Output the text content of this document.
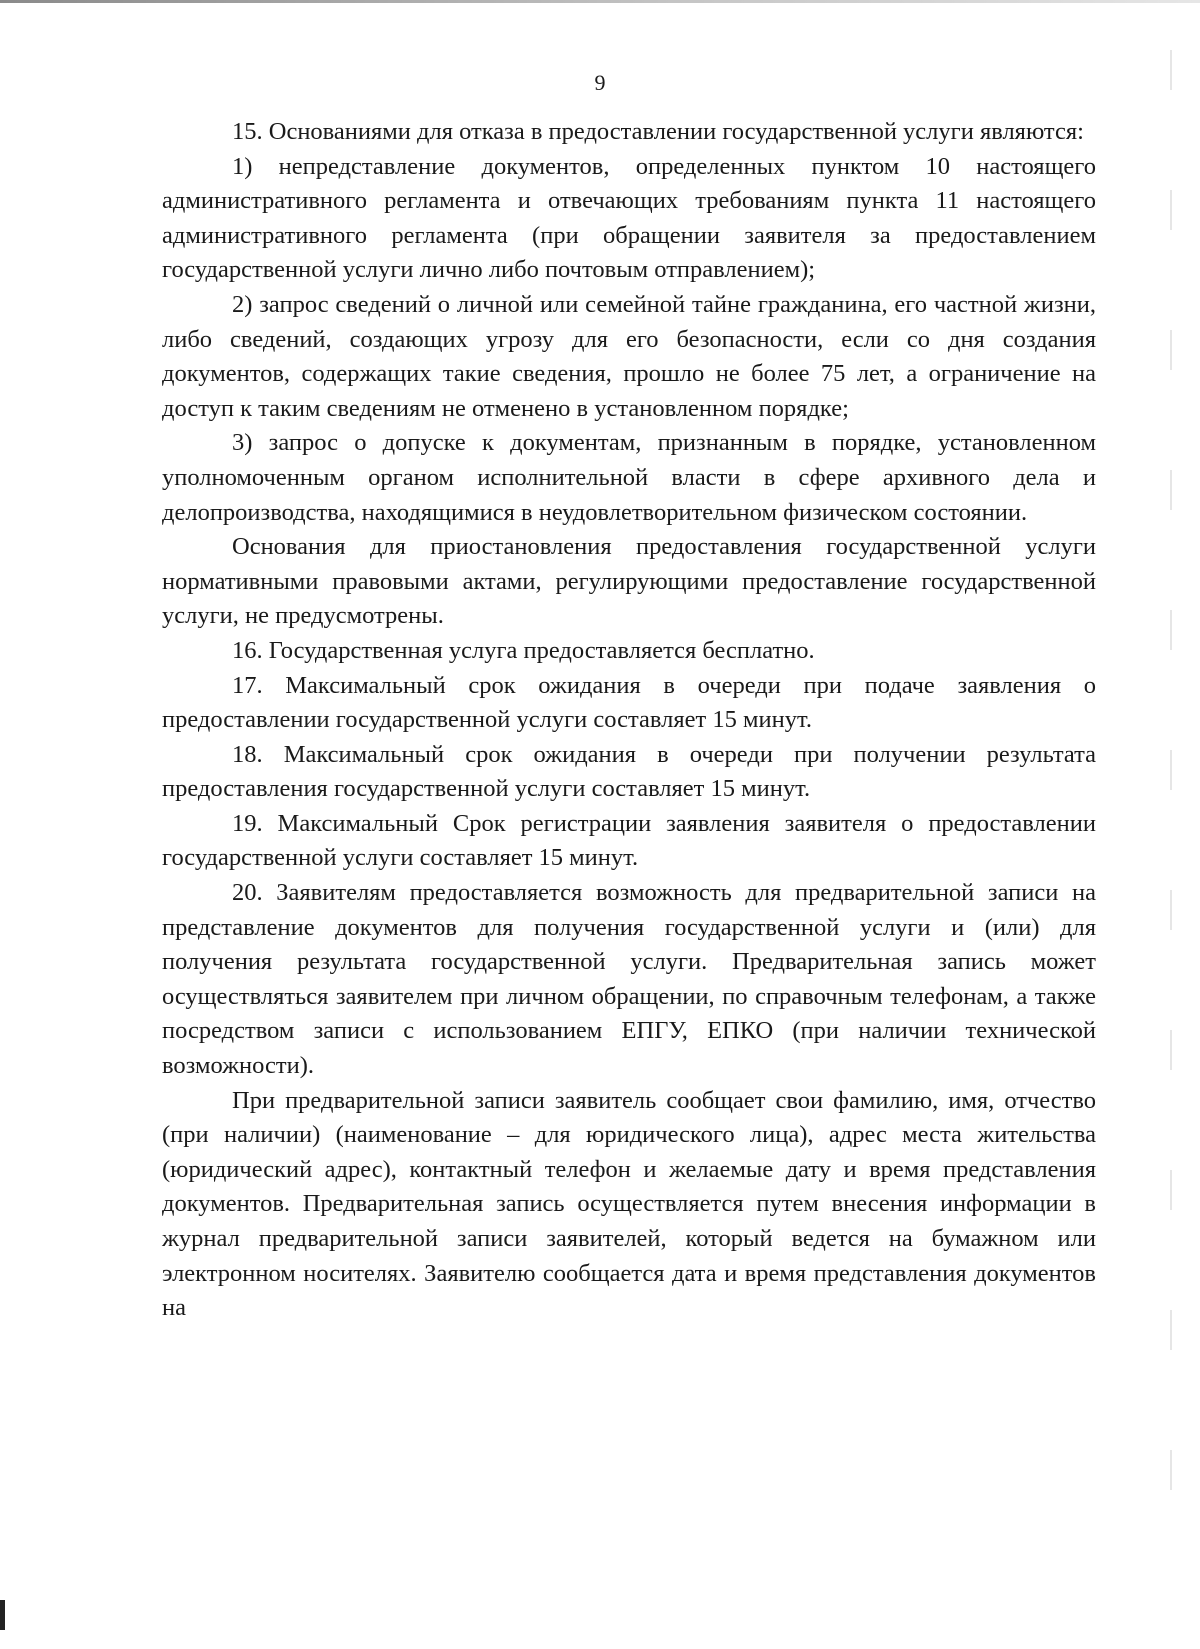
9

15. Основаниями для отказа в предоставлении государственной услуги являются:

1) непредставление документов, определенных пунктом 10 настоящего административного регламента и отвечающих требованиям пункта 11 настоящего административного регламента (при обращении заявителя за предоставлением государственной услуги лично либо почтовым отправлением);

2) запрос сведений о личной или семейной тайне гражданина, его частной жизни, либо сведений, создающих угрозу для его безопасности, если со дня создания документов, содержащих такие сведения, прошло не более 75 лет, а ограничение на доступ к таким сведениям не отменено в установленном порядке;

3) запрос о допуске к документам, признанным в порядке, установленном уполномоченным органом исполнительной власти в сфере архивного дела и делопроизводства, находящимися в неудовлетворительном физическом состоянии.

Основания для приостановления предоставления государственной услуги нормативными правовыми актами, регулирующими предоставление государственной услуги, не предусмотрены.

16. Государственная услуга предоставляется бесплатно.

17. Максимальный срок ожидания в очереди при подаче заявления о предоставлении государственной услуги составляет 15 минут.

18. Максимальный срок ожидания в очереди при получении результата предоставления государственной услуги составляет 15 минут.

19. Максимальный Срок регистрации заявления заявителя о предоставлении государственной услуги составляет 15 минут.

20. Заявителям предоставляется возможность для предварительной записи на представление документов для получения государственной услуги и (или) для получения результата государственной услуги. Предварительная запись может осуществляться заявителем при личном обращении, по справочным телефонам, а также посредством записи с использованием ЕПГУ, ЕПКО (при наличии технической возможности).

При предварительной записи заявитель сообщает свои фамилию, имя, отчество (при наличии) (наименование – для юридического лица), адрес места жительства (юридический адрес), контактный телефон и желаемые дату и время представления документов. Предварительная запись осуществляется путем внесения информации в журнал предварительной записи заявителей, который ведется на бумажном или электронном носителях. Заявителю сообщается дата и время представления документов на
